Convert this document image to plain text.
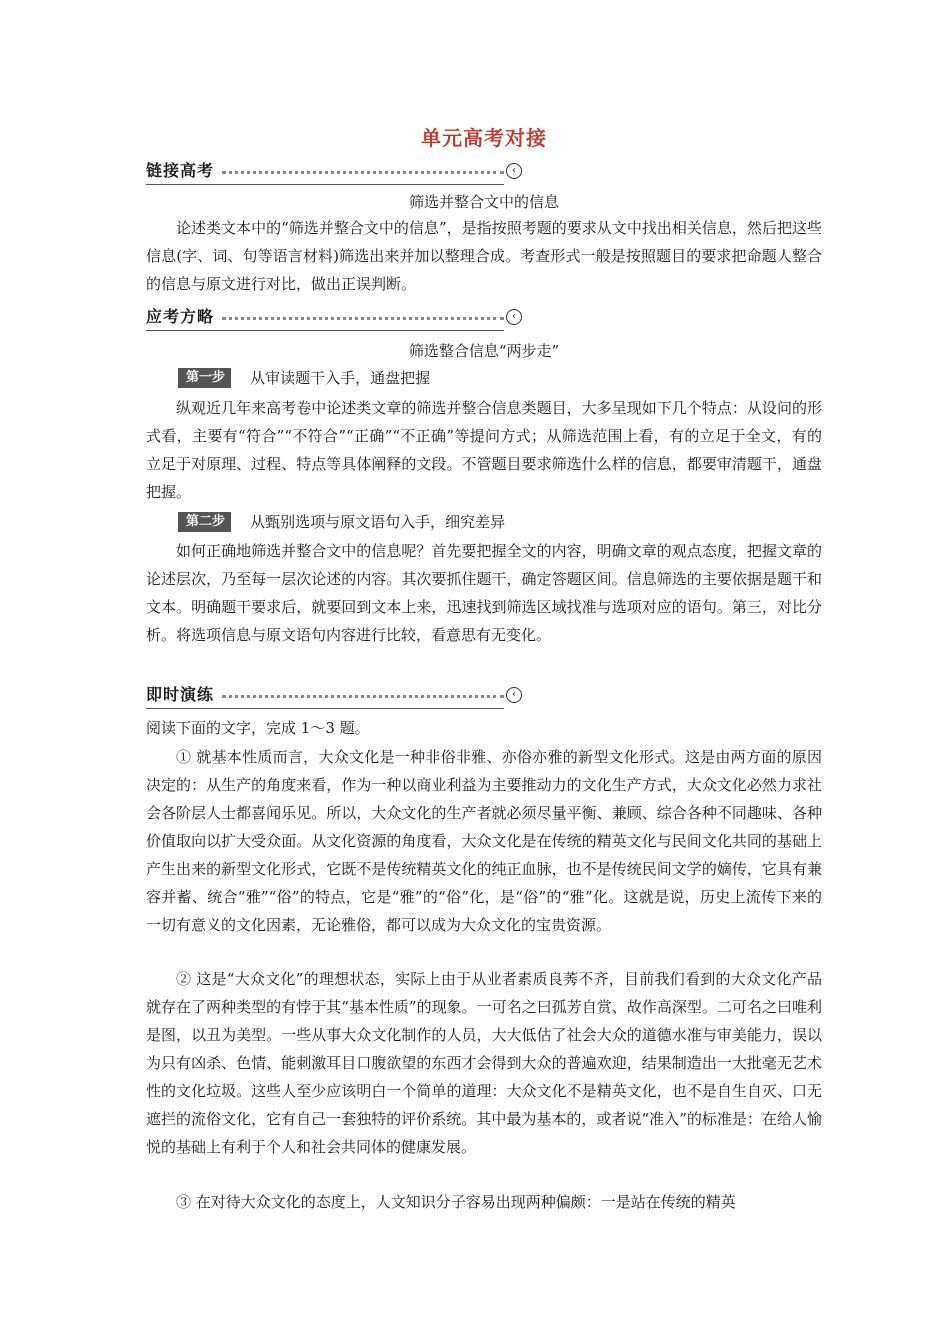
单元高考对接
链接高考	‹
筛选并整合文中的信息

论述类文本中的“筛选并整合文中的信息”，是指按照考题的要求从文中找出相关信息，然后把这些信息(字、词、句等语言材料)筛选出来并加以整理合成。考查形式一般是按照题目的要求把命题人整合的信息与原文进行对比，做出正误判断。

应考方略	‹
筛选整合信息“两步走”
第一步 从审读题干入手，通盘把握

纵观近几年来高考卷中论述类文章的筛选并整合信息类题目，大多呈现如下几个特点：从设问的形式看，主要有“符合”“不符合”“正确”“不正确”等提问方式；从筛选范围上看，有的立足于全文，有的立足于对原理、过程、特点等具体阐释的文段。不管题目要求筛选什么样的信息，都要审清题干，通盘把握。

第二步 从甄别选项与原文语句入手，细究差异

如何正确地筛选并整合文中的信息呢？首先要把握全文的内容，明确文章的观点态度，把握文章的论述层次，乃至每一层次论述的内容。其次要抓住题干，确定答题区间。信息筛选的主要依据是题干和文本。明确题干要求后，就要回到文本上来，迅速找到筛选区域找准与选项对应的语句。第三，对比分析。将选项信息与原文语句内容进行比较，看意思有无变化。

即时演练	‹

阅读下面的文字，完成 1～3 题。

① 就基本性质而言，大众文化是一种非俗非雅、亦俗亦雅的新型文化形式。这是由两方面的原因决定的：从生产的角度来看，作为一种以商业利益为主要推动力的文化生产方式，大众文化必然力求社会各阶层人士都喜闻乐见。所以，大众文化的生产者就必须尽量平衡、兼顾、综合各种不同趣味、各种价值取向以扩大受众面。从文化资源的角度看，大众文化是在传统的精英文化与民间文化共同的基础上产生出来的新型文化形式，它既不是传统精英文化的纯正血脉，也不是传统民间文学的嫡传，它具有兼容并蓄、统合“雅”“俗”的特点，它是“雅”的“俗”化，是“俗”的“雅”化。这就是说，历史上流传下来的一切有意义的文化因素，无论雅俗，都可以成为大众文化的宝贵资源。

② 这是“大众文化”的理想状态，实际上由于从业者素质良莠不齐，目前我们看到的大众文化产品就存在了两种类型的有悖于其“基本性质”的现象。一可名之曰孤芳自赏、故作高深型。二可名之曰唯利是图，以丑为美型。一些从事大众文化制作的人员，大大低估了社会大众的道德水准与审美能力，误以为只有凶杀、色情、能刺激耳目口腹欲望的东西才会得到大众的普遍欢迎，结果制造出一大批毫无艺术性的文化垃圾。这些人至少应该明白一个简单的道理：大众文化不是精英文化，也不是自生自灭、口无遮拦的流俗文化，它有自己一套独特的评价系统。其中最为基本的，或者说“准入”的标准是：在给人愉悦的基础上有利于个人和社会共同体的健康发展。

③ 在对待大众文化的态度上，人文知识分子容易出现两种偏颇：一是站在传统的精英
